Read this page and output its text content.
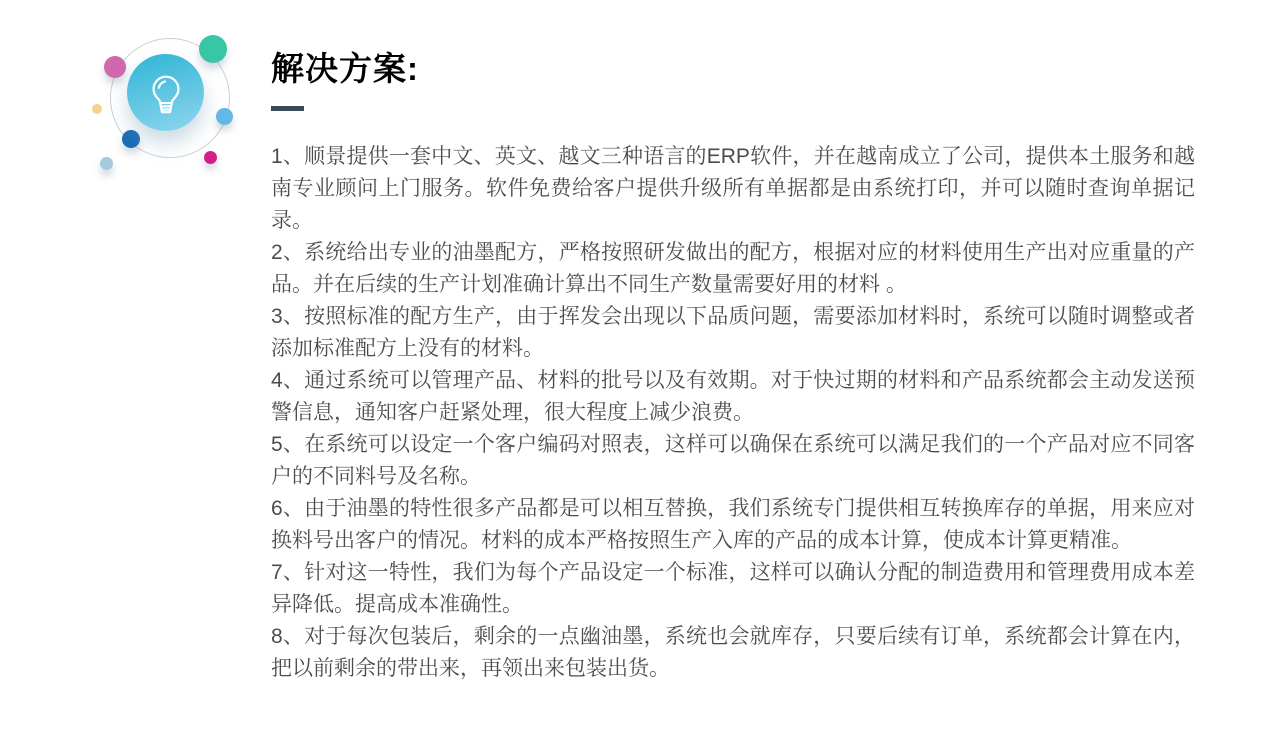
解决方案:

1、顺景提供一套中文、英文、越文三种语言的ERP软件，并在越南成立了公司，提供本土服务和越南专业顾问上门服务。软件免费给客户提供升级所有单据都是由系统打印，并可以随时查询单据记录。

2、系统给出专业的油墨配方，严格按照研发做出的配方，根据对应的材料使用生产出对应重量的产品。并在后续的生产计划准确计算出不同生产数量需要好用的材料 。

3、按照标准的配方生产，由于挥发会出现以下品质问题，需要添加材料时，系统可以随时调整或者添加标准配方上没有的材料。

4、通过系统可以管理产品、材料的批号以及有效期。对于快过期的材料和产品系统都会主动发送预警信息，通知客户赶紧处理，很大程度上减少浪费。

5、在系统可以设定一个客户编码对照表，这样可以确保在系统可以满足我们的一个产品对应不同客户的不同料号及名称。

6、由于油墨的特性很多产品都是可以相互替换，我们系统专门提供相互转换库存的单据，用来应对换料号出客户的情况。材料的成本严格按照生产入库的产品的成本计算，使成本计算更精准。

7、针对这一特性，我们为每个产品设定一个标准，这样可以确认分配的制造费用和管理费用成本差异降低。提高成本准确性。

8、对于每次包装后，剩余的一点幽油墨，系统也会就库存，只要后续有订单，系统都会计算在内，把以前剩余的带出来，再领出来包装出货。
